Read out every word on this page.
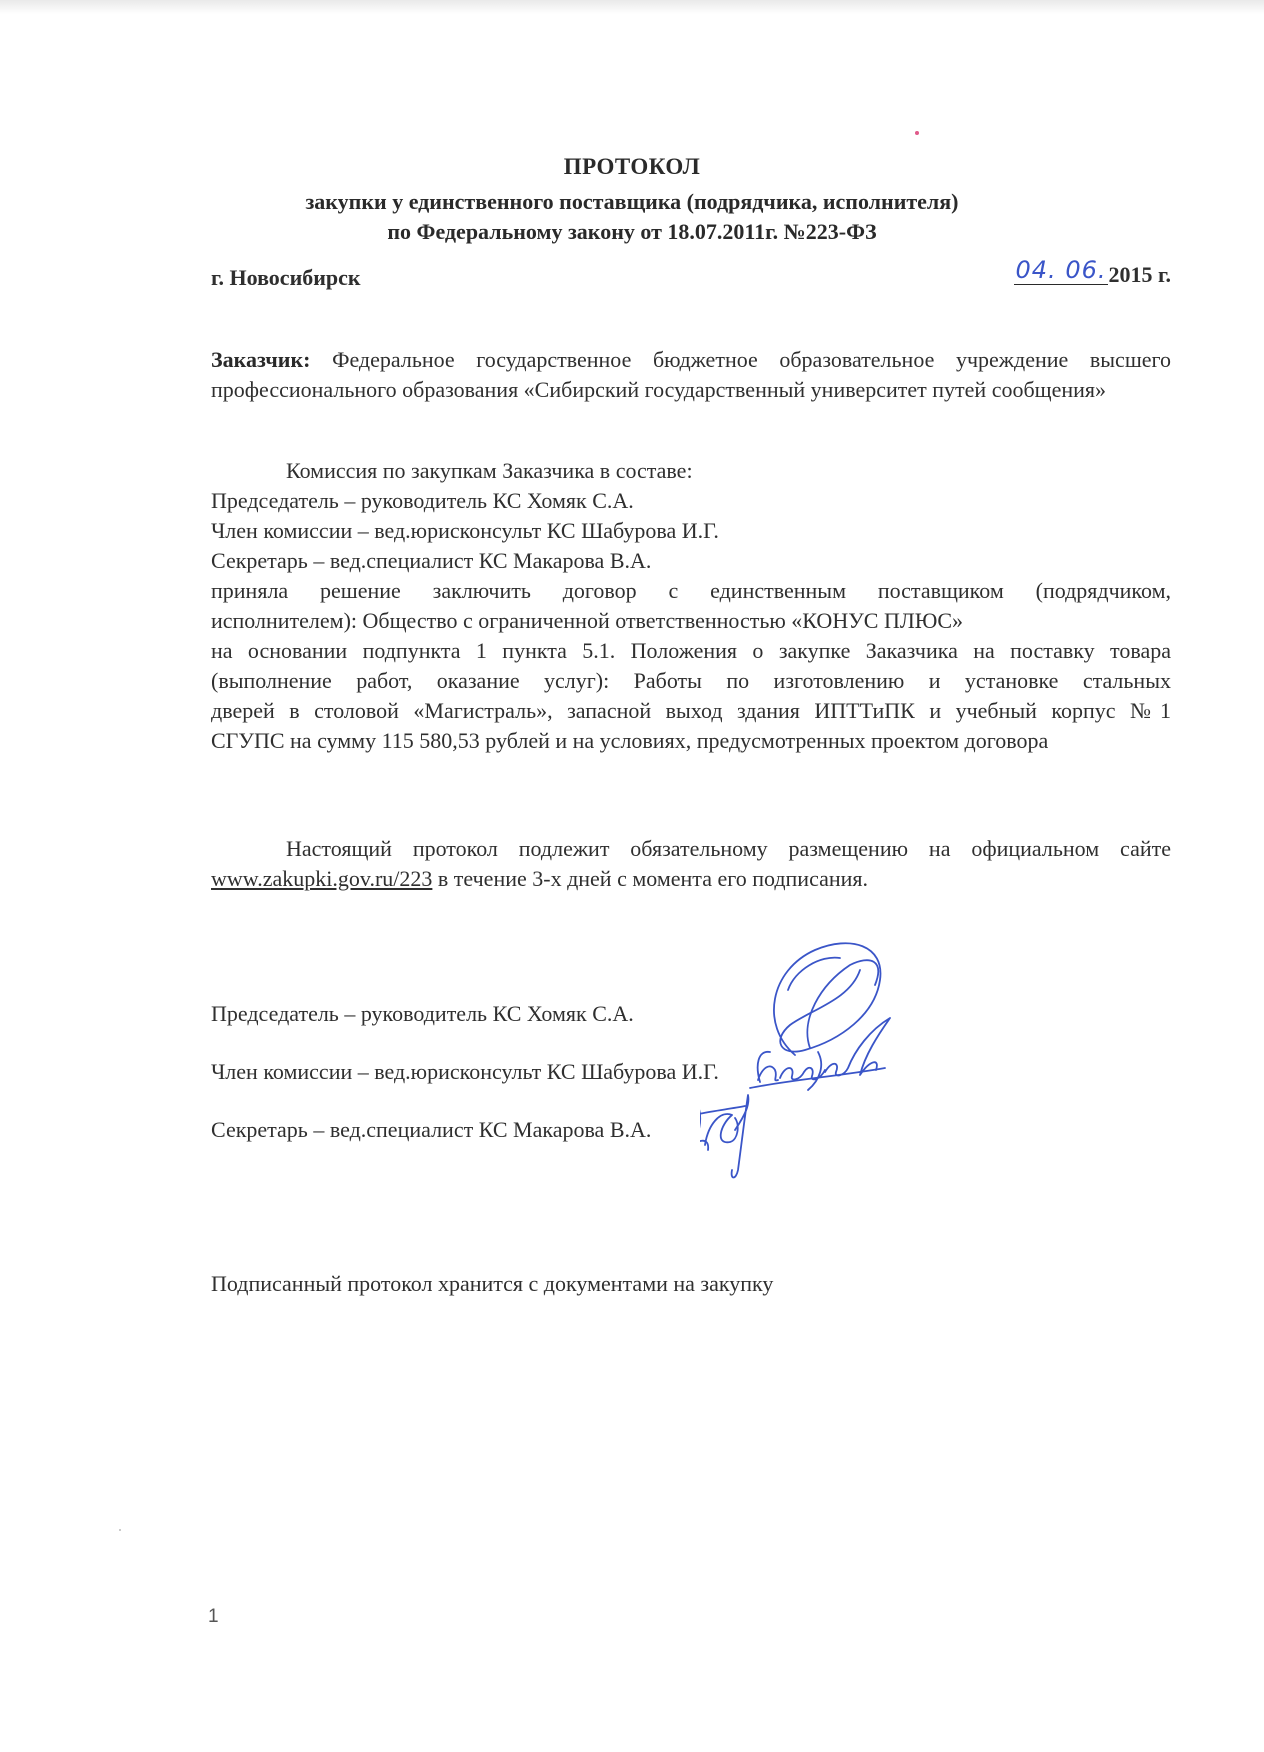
ПРОТОКОЛ
закупки у единственного поставщика (подрядчика, исполнителя)
по Федеральному закону от 18.07.2011г. №223-ФЗ
г. Новосибирск	04. 06.2015 г.
Заказчик: Федеральное государственное бюджетное образовательное учреждение высшего профессионального образования «Сибирский государственный университет путей сообщения»
Комиссия по закупкам Заказчика в составе:
Председатель – руководитель КС Хомяк С.А.
Член комиссии – вед.юрисконсульт КС Шабурова И.Г.
Секретарь – вед.специалист КС Макарова В.А.
приняла решение заключить договор с единственным поставщиком (подрядчиком,
исполнителем): Общество с ограниченной ответственностью «КОНУС ПЛЮС»
на основании подпункта 1 пункта 5.1. Положения о закупке Заказчика на поставку товара
(выполнение работ, оказание услуг): Работы по изготовлению и установке стальных
дверей в столовой «Магистраль», запасной выход здания ИПТТиПК и учебный корпус №1
СГУПС на сумму 115 580,53 рублей и на условиях, предусмотренных проектом договора
Настоящий протокол подлежит обязательному размещению на официальном сайте
www.zakupki.gov.ru/223 в течение 3-х дней с момента его подписания.
Председатель – руководитель КС Хомяк С.А.
Член комиссии – вед.юрисконсульт КС Шабурова И.Г.
Секретарь – вед.специалист КС Макарова В.А.
Подписанный протокол хранится с документами на закупку
1
